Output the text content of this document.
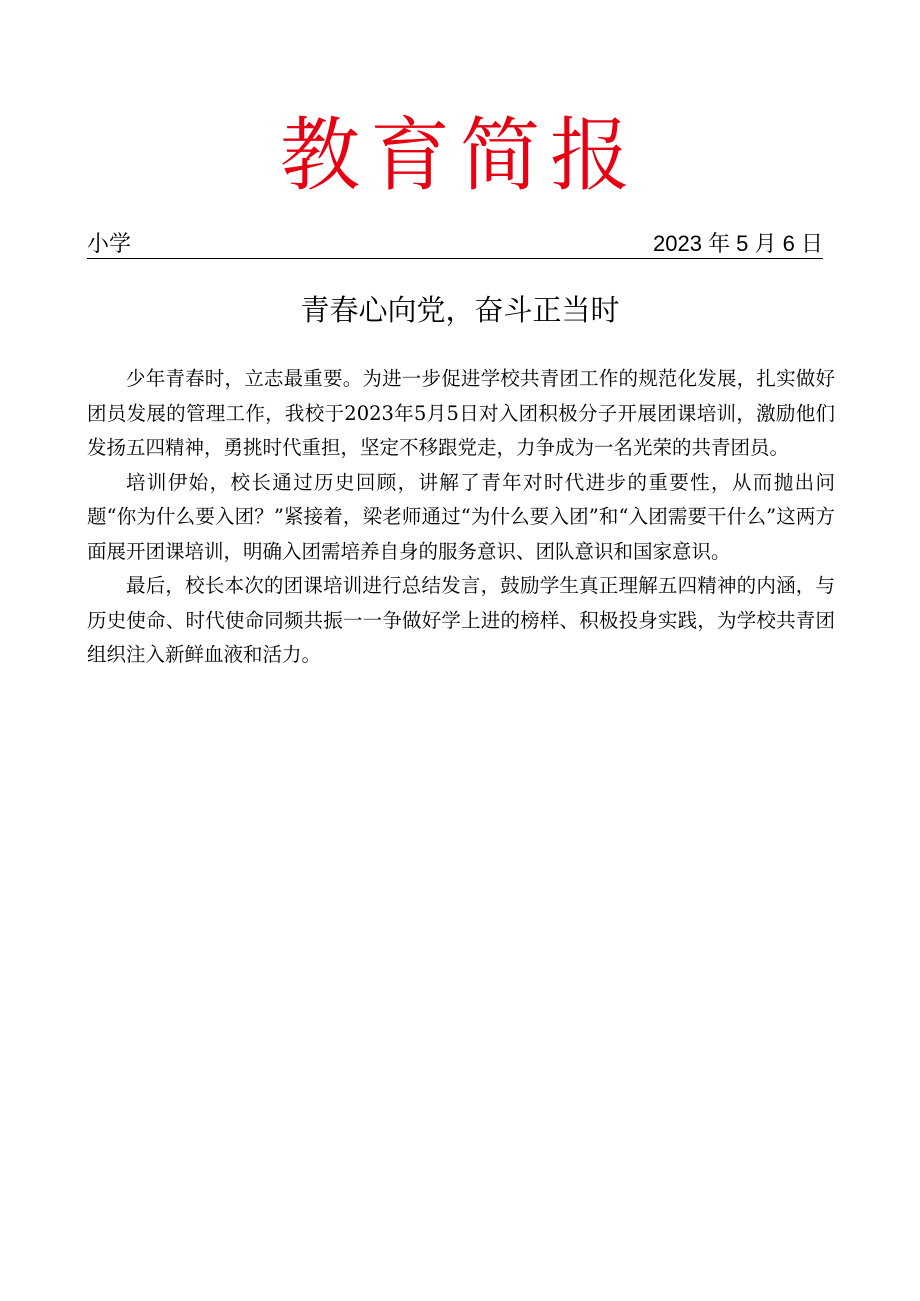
教育简报
小学	2023 年 5 月 6 日
青春心向党，奋斗正当时

少年青春时，立志最重要。为进一步促进学校共青团工作的规范化发展，扎实做好团员发展的管理工作，我校于2023年5月5日对入团积极分子开展团课培训，激励他们发扬五四精神，勇挑时代重担，坚定不移跟党走，力争成为一名光荣的共青团员。

培训伊始，校长通过历史回顾，讲解了青年对时代进步的重要性，从而抛出问题“你为什么要入团？”紧接着，梁老师通过“为什么要入团”和“入团需要干什么”这两方面展开团课培训，明确入团需培养自身的服务意识、团队意识和国家意识。

最后，校长本次的团课培训进行总结发言，鼓励学生真正理解五四精神的内涵，与历史使命、时代使命同频共振一一争做好学上进的榜样、积极投身实践，为学校共青团组织注入新鲜血液和活力。
